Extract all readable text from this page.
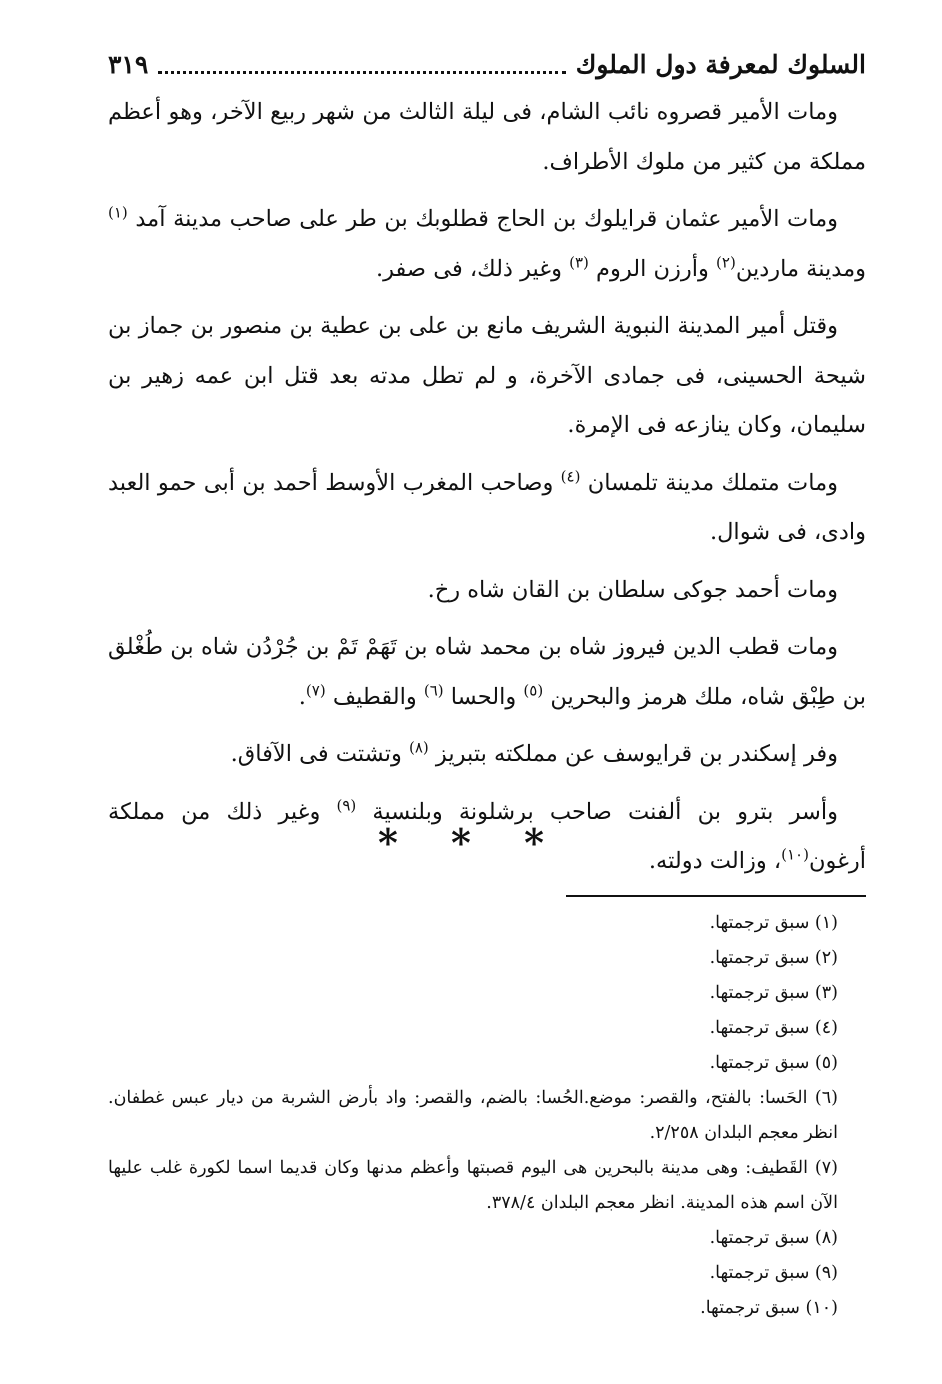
السلوك لمعرفة دول الملوك
٣١٩

ومات الأمير قصروه نائب الشام، فى ليلة الثالث من شهر ربيع الآخر، وهو أعظم مملكة من كثير من ملوك الأطراف.

ومات الأمير عثمان قرايلوك بن الحاج قطلوبك بن طر على صاحب مدينة آمد $^{(١)}$ ومدينة ماردين$^{(٢)}$ وأرزن الروم $^{(٣)}$ وغير ذلك، فى صفر.

وقتل أمير المدينة النبوية الشريف مانع بن على بن عطية بن منصور بن جماز بن شيحة الحسينى، فى جمادى الآخرة، و لم تطل مدته بعد قتل ابن عمه زهير بن سليمان، وكان ينازعه فى الإمرة.

ومات متملك مدينة تلمسان $^{(٤)}$ وصاحب المغرب الأوسط أحمد بن أبى حمو العبد وادى، فى شوال.

ومات أحمد جوكى سلطان بن القان شاه رخ.

ومات قطب الدين فيروز شاه بن محمد شاه بن تَهَمْ تَمْ بن جُرْدُن شاه بن طُغْلق بن طِبْق شاه، ملك هرمز والبحرين $^{(٥)}$ والحسا $^{(٦)}$ والقطيف $^{(٧)}$.

وفر إسكندر بن قرايوسف عن مملكته بتبريز $^{(٨)}$ وتشتت فى الآفاق.

وأسر بترو بن ألفنت صاحب برشلونة وبلنسية $^{(٩)}$ وغير ذلك من مملكة أرغون$^{(١٠)}$، وزالت دولته.

* * *

(١) سبق ترجمتها.

(٢) سبق ترجمتها.

(٣) سبق ترجمتها.

(٤) سبق ترجمتها.

(٥) سبق ترجمتها.

(٦) الحَسا: بالفتح، والقصر: موضع.الحُسا: بالضم، والقصر: واد بأرض الشربة من ديار عبس غطفان. انظر معجم البلدان ٢/٢٥٨.

(٧) القَطيف: وهى مدينة بالبحرين هى اليوم قصبتها وأعظم مدنها وكان قديما اسما لكورة غلب عليها الآن اسم هذه المدينة. انظر معجم البلدان ٣٧٨/٤.

(٨) سبق ترجمتها.

(٩) سبق ترجمتها.

(١٠) سبق ترجمتها.
